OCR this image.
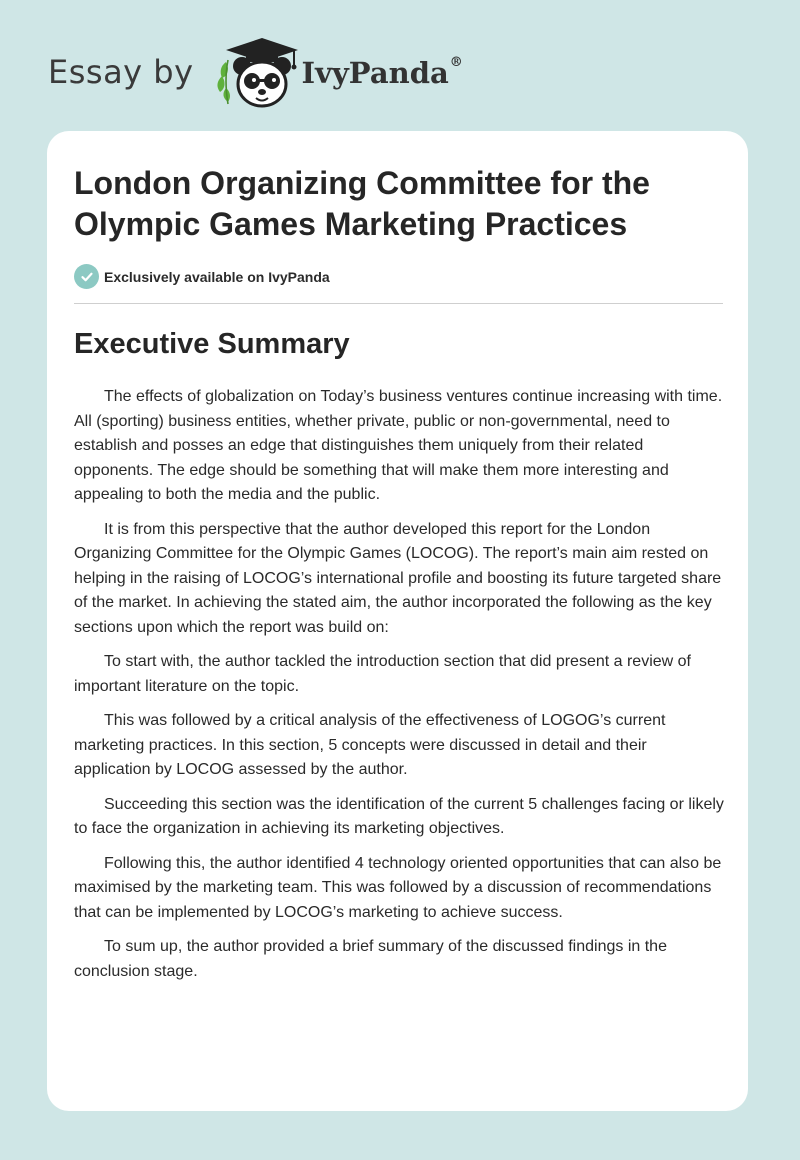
Essay by	IvyPanda®
London Organizing Committee for the Olympic Games Marketing Practices
Exclusively available on IvyPanda
Executive Summary

The effects of globalization on Today’s business ventures continue increasing with time. All (sporting) business entities, whether private, public or non-governmental, need to establish and posses an edge that distinguishes them uniquely from their related opponents. The edge should be something that will make them more interesting and appealing to both the media and the public.

It is from this perspective that the author developed this report for the London Organizing Committee for the Olympic Games (LOCOG). The report’s main aim rested on helping in the raising of LOCOG’s international profile and boosting its future targeted share of the market. In achieving the stated aim, the author incorporated the following as the key sections upon which the report was build on:

To start with, the author tackled the introduction section that did present a review of important literature on the topic.

This was followed by a critical analysis of the effectiveness of LOGOG’s current marketing practices. In this section, 5 concepts were discussed in detail and their application by LOCOG assessed by the author.

Succeeding this section was the identification of the current 5 challenges facing or likely to face the organization in achieving its marketing objectives.

Following this, the author identified 4 technology oriented opportunities that can also be maximised by the marketing team. This was followed by a discussion of recommendations that can be implemented by LOCOG’s marketing to achieve success.

To sum up, the author provided a brief summary of the discussed findings in the conclusion stage.
